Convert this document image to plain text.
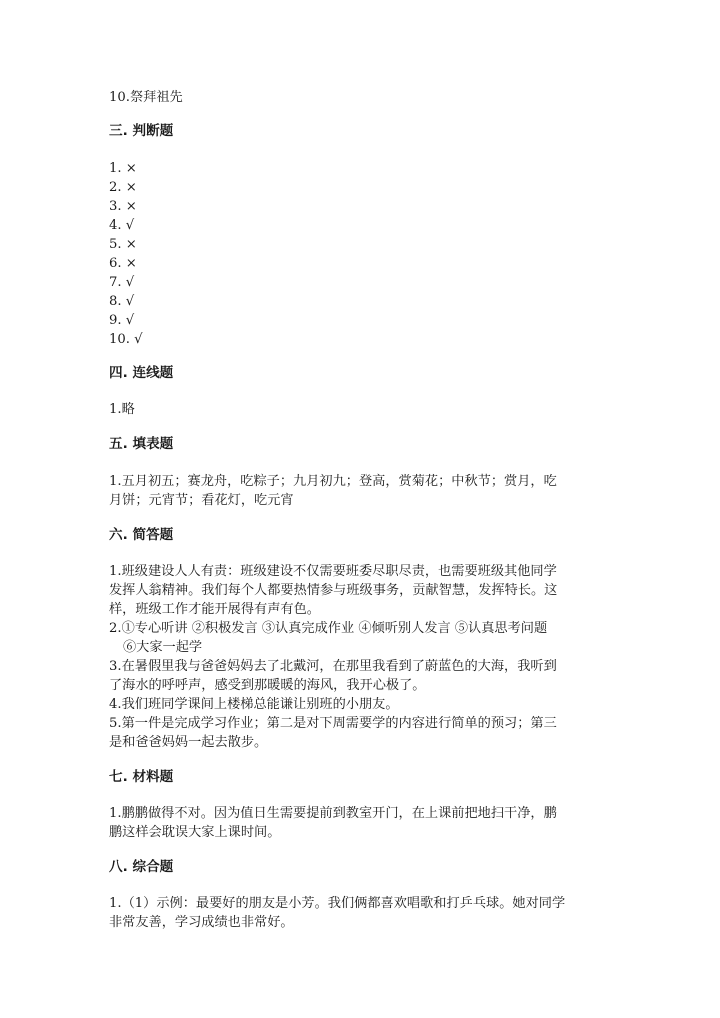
10.祭拜祖先
三. 判断题
1. ×
2. ×
3. ×
4. √
5. ×
6. ×
7. √
8. √
9. √
10. √
四. 连线题
1.略
五. 填表题
1.五月初五；赛龙舟，吃粽子；九月初九；登高，赏菊花；中秋节；赏月，吃
月饼；元宵节；看花灯，吃元宵
六. 简答题
1.班级建设人人有责：班级建设不仅需要班委尽职尽责，也需要班级其他同学
发挥人翁精神。我们每个人都要热情参与班级事务，贡献智慧，发挥特长。这
样，班级工作才能开展得有声有色。
2.①专心听讲 ②积极发言 ③认真完成作业 ④倾听别人发言 ⑤认真思考问题
⑥大家一起学
3.在暑假里我与爸爸妈妈去了北戴河，在那里我看到了蔚蓝色的大海，我听到
了海水的呼呼声，感受到那暖暖的海风，我开心极了。
4.我们班同学课间上楼梯总能谦让别班的小朋友。
5.第一件是完成学习作业；第二是对下周需要学的内容进行简单的预习；第三
是和爸爸妈妈一起去散步。
七. 材料题
1.鹏鹏做得不对。因为值日生需要提前到教室开门，在上课前把地扫干净，鹏
鹏这样会耽误大家上课时间。
八. 综合题
1.（1）示例：最要好的朋友是小芳。我们俩都喜欢唱歌和打乒乓球。她对同学
非常友善，学习成绩也非常好。
